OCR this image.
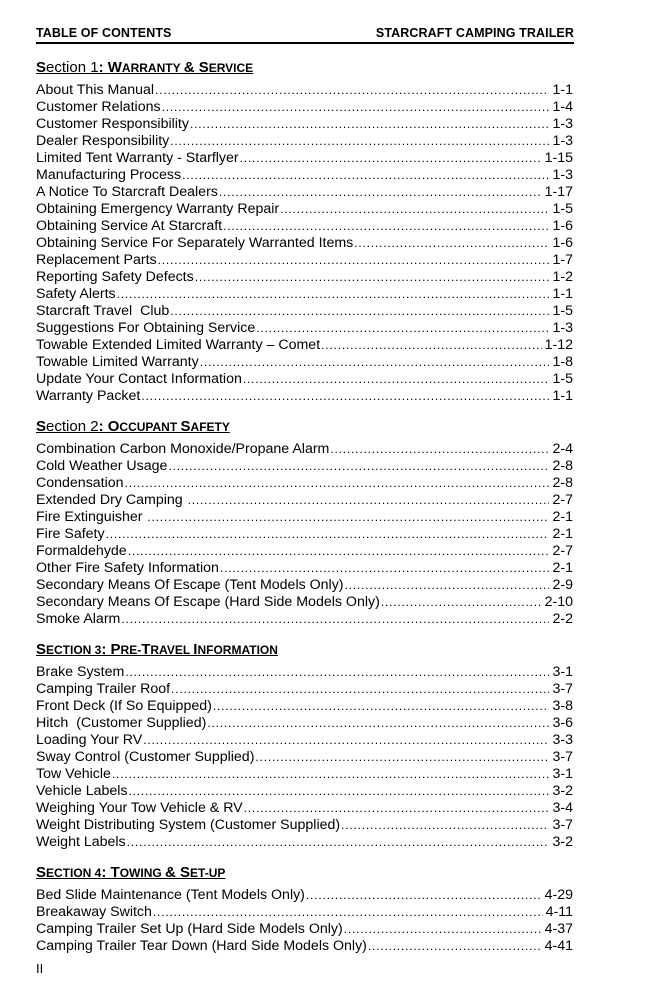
TABLE OF CONTENTS	STARCRAFT CAMPING TRAILER
Section 1: WARRANTY & SERVICE
About This Manual .....	1-1
Customer Relations .....	1-4
Customer Responsibility .....	1-3
Dealer Responsibility .....	1-3
Limited Tent Warranty - Starflyer .....	1-15
Manufacturing Process .....	1-3
A Notice To Starcraft Dealers .....	1-17
Obtaining Emergency Warranty Repair .....	1-5
Obtaining Service At Starcraft .....	1-6
Obtaining Service For Separately Warranted Items .....	1-6
Replacement Parts .....	1-7
Reporting Safety Defects .....	1-2
Safety Alerts .....	1-1
Starcraft Travel  Club .....	1-5
Suggestions For Obtaining Service .....	1-3
Towable Extended Limited Warranty – Comet .....	1-12
Towable Limited Warranty .....	1-8
Update Your Contact Information .....	1-5
Warranty Packet .....	1-1
Section 2: OCCUPANT SAFETY
Combination Carbon Monoxide/Propane Alarm .....	2-4
Cold Weather Usage .....	2-8
Condensation .....	2-8
Extended Dry Camping .....	2-7
Fire Extinguisher .....	2-1
Fire Safety .....	2-1
Formaldehyde .....	2-7
Other Fire Safety Information .....	2-1
Secondary Means Of Escape (Tent Models Only) .....	2-9
Secondary Means Of Escape (Hard Side Models Only) .....	2-10
Smoke Alarm .....	2-2
SECTION 3: PRE-TRAVEL INFORMATION
Brake System .....	3-1
Camping Trailer Roof .....	3-7
Front Deck (If So Equipped) .....	3-8
Hitch  (Customer Supplied) .....	3-6
Loading Your RV .....	3-3
Sway Control (Customer Supplied) .....	3-7
Tow Vehicle .....	3-1
Vehicle Labels .....	3-2
Weighing Your Tow Vehicle & RV .....	3-4
Weight Distributing System (Customer Supplied) .....	3-7
Weight Labels .....	3-2
SECTION 4: TOWING & SET-UP
Bed Slide Maintenance (Tent Models Only) .....	4-29
Breakaway Switch .....	4-11
Camping Trailer Set Up (Hard Side Models Only) .....	4-37
Camping Trailer Tear Down (Hard Side Models Only) .....	4-41
II
